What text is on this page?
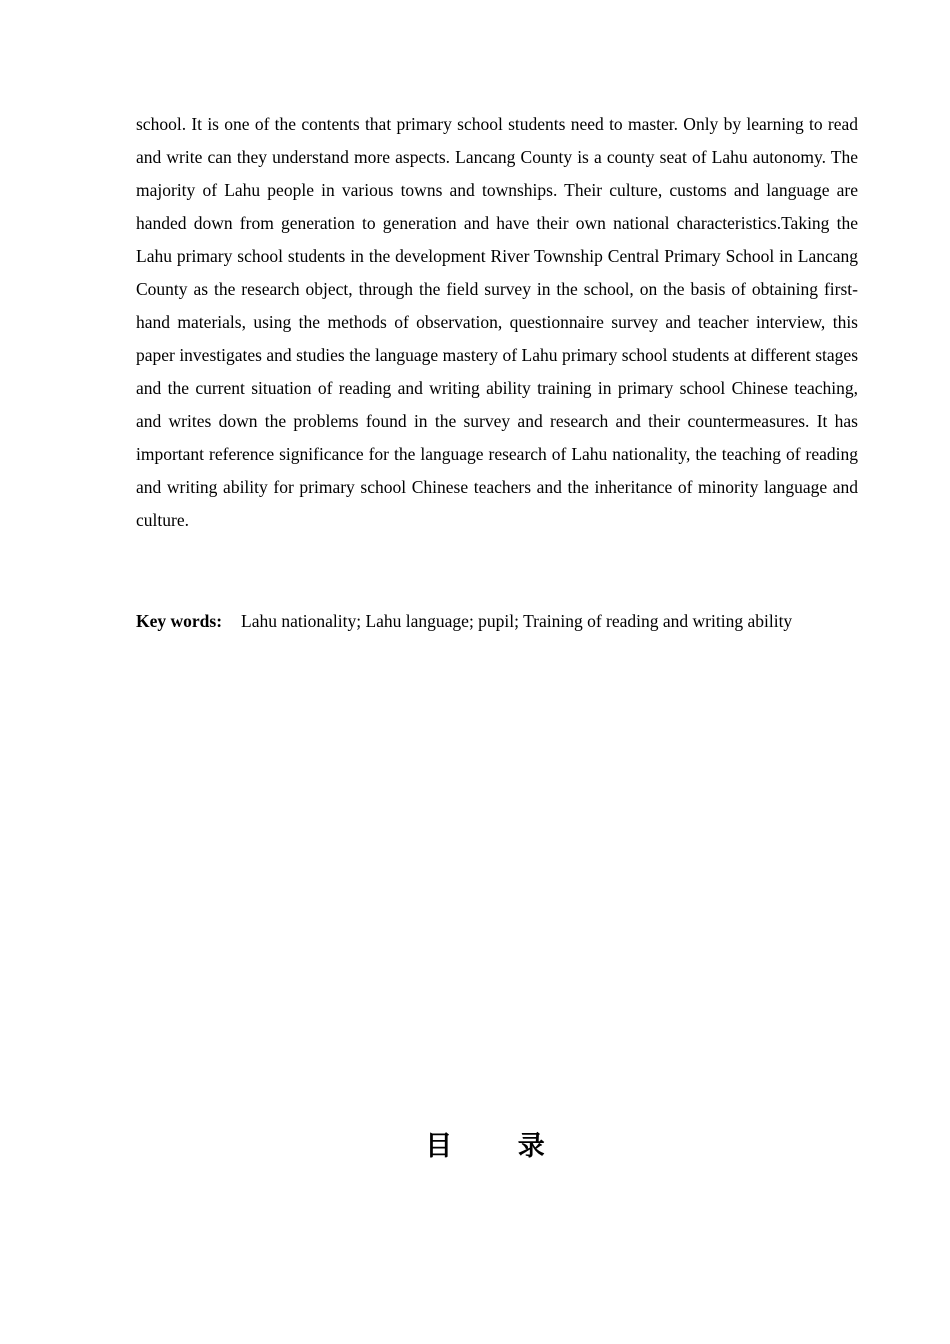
school. It is one of the contents that primary school students need to master. Only by learning to read and write can they understand more aspects. Lancang County is a county seat of Lahu autonomy. The majority of Lahu people in various towns and townships. Their culture, customs and language are handed down from generation to generation and have their own national characteristics.Taking the Lahu primary school students in the development River Township Central Primary School in Lancang County as the research object, through the field survey in the school, on the basis of obtaining first-hand materials, using the methods of observation, questionnaire survey and teacher interview, this paper investigates and studies the language mastery of Lahu primary school students at different stages and the current situation of reading and writing ability training in primary school Chinese teaching, and writes down the problems found in the survey and research and their countermeasures. It has important reference significance for the language research of Lahu nationality, the teaching of reading and writing ability for primary school Chinese teachers and the inheritance of minority language and culture.

Key words: Lahu nationality; Lahu language; pupil; Training of reading and writing ability

目 录
